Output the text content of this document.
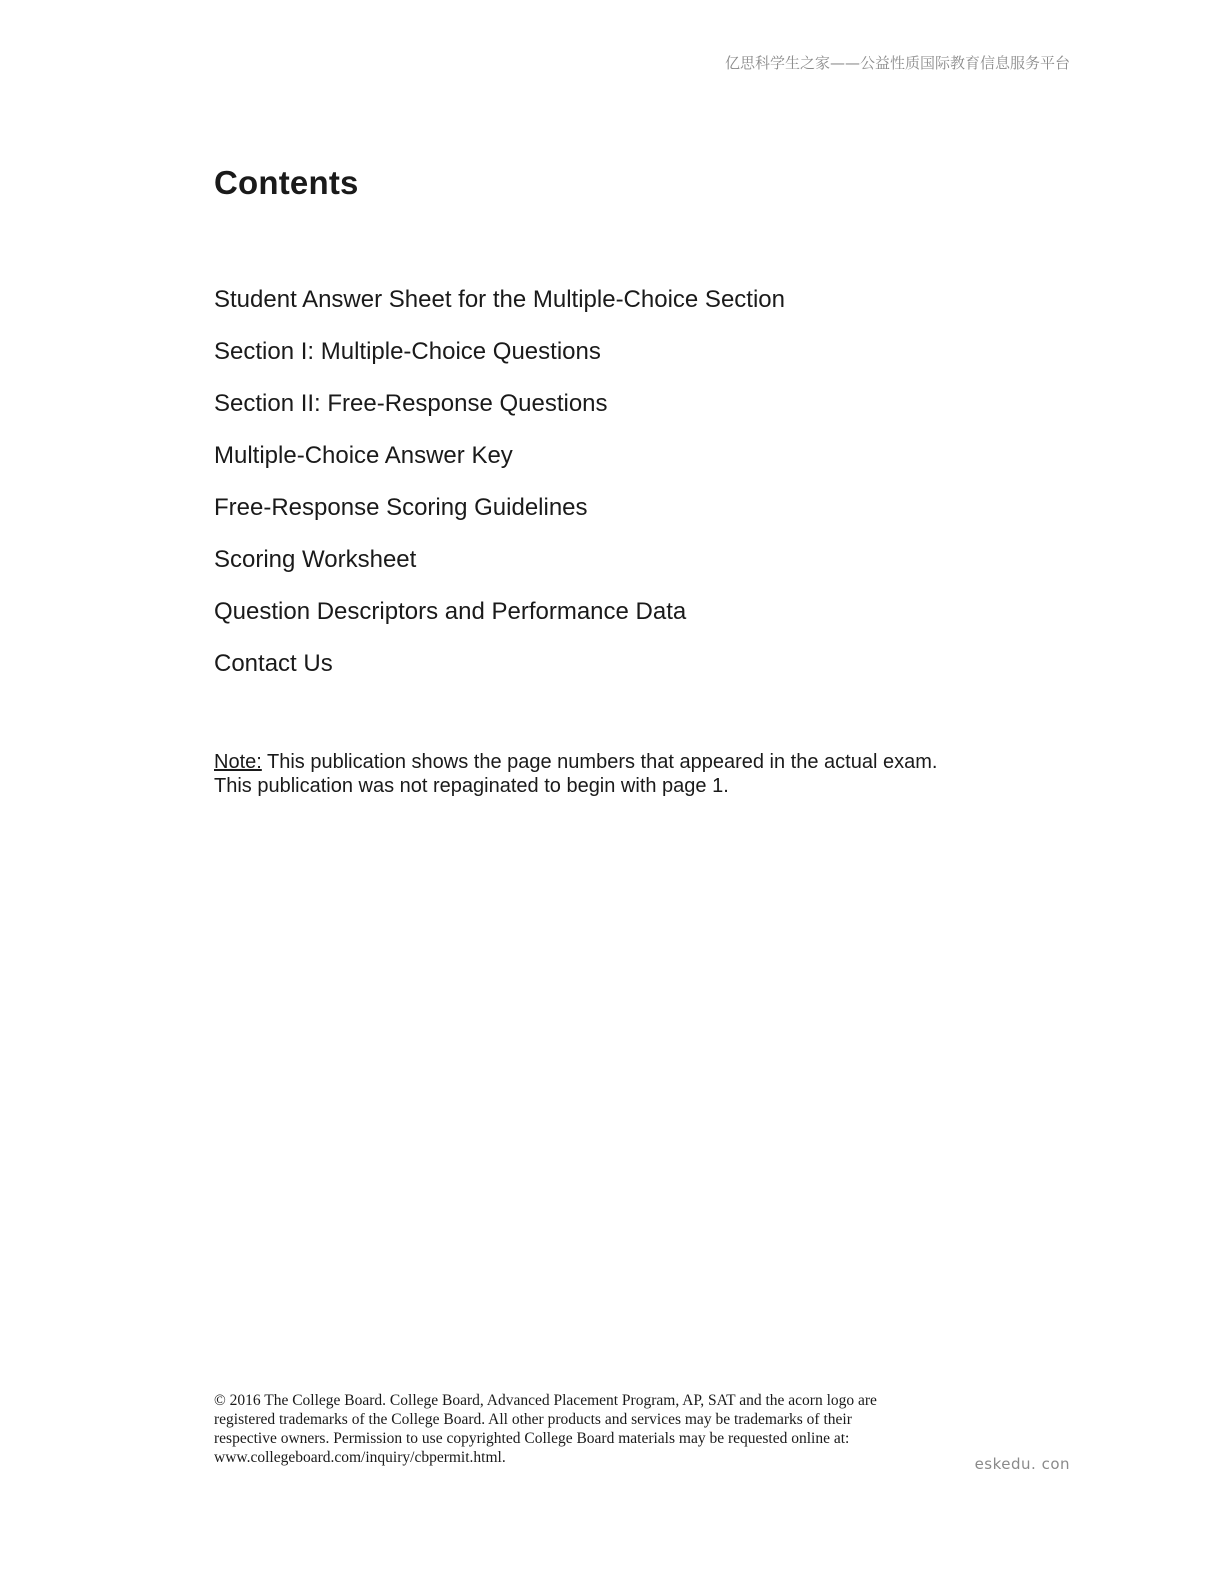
亿思科学生之家——公益性质国际教育信息服务平台
Contents
Student Answer Sheet for the Multiple-Choice Section
Section I: Multiple-Choice Questions
Section II: Free-Response Questions
Multiple-Choice Answer Key
Free-Response Scoring Guidelines
Scoring Worksheet
Question Descriptors and Performance Data
Contact Us
Note: This publication shows the page numbers that appeared in the actual exam.
This publication was not repaginated to begin with page 1.
© 2016 The College Board. College Board, Advanced Placement Program, AP, SAT and the acorn logo are
registered trademarks of the College Board. All other products and services may be trademarks of their
respective owners. Permission to use copyrighted College Board materials may be requested online at:
www.collegeboard.com/inquiry/cbpermit.html.	eskedu. con
